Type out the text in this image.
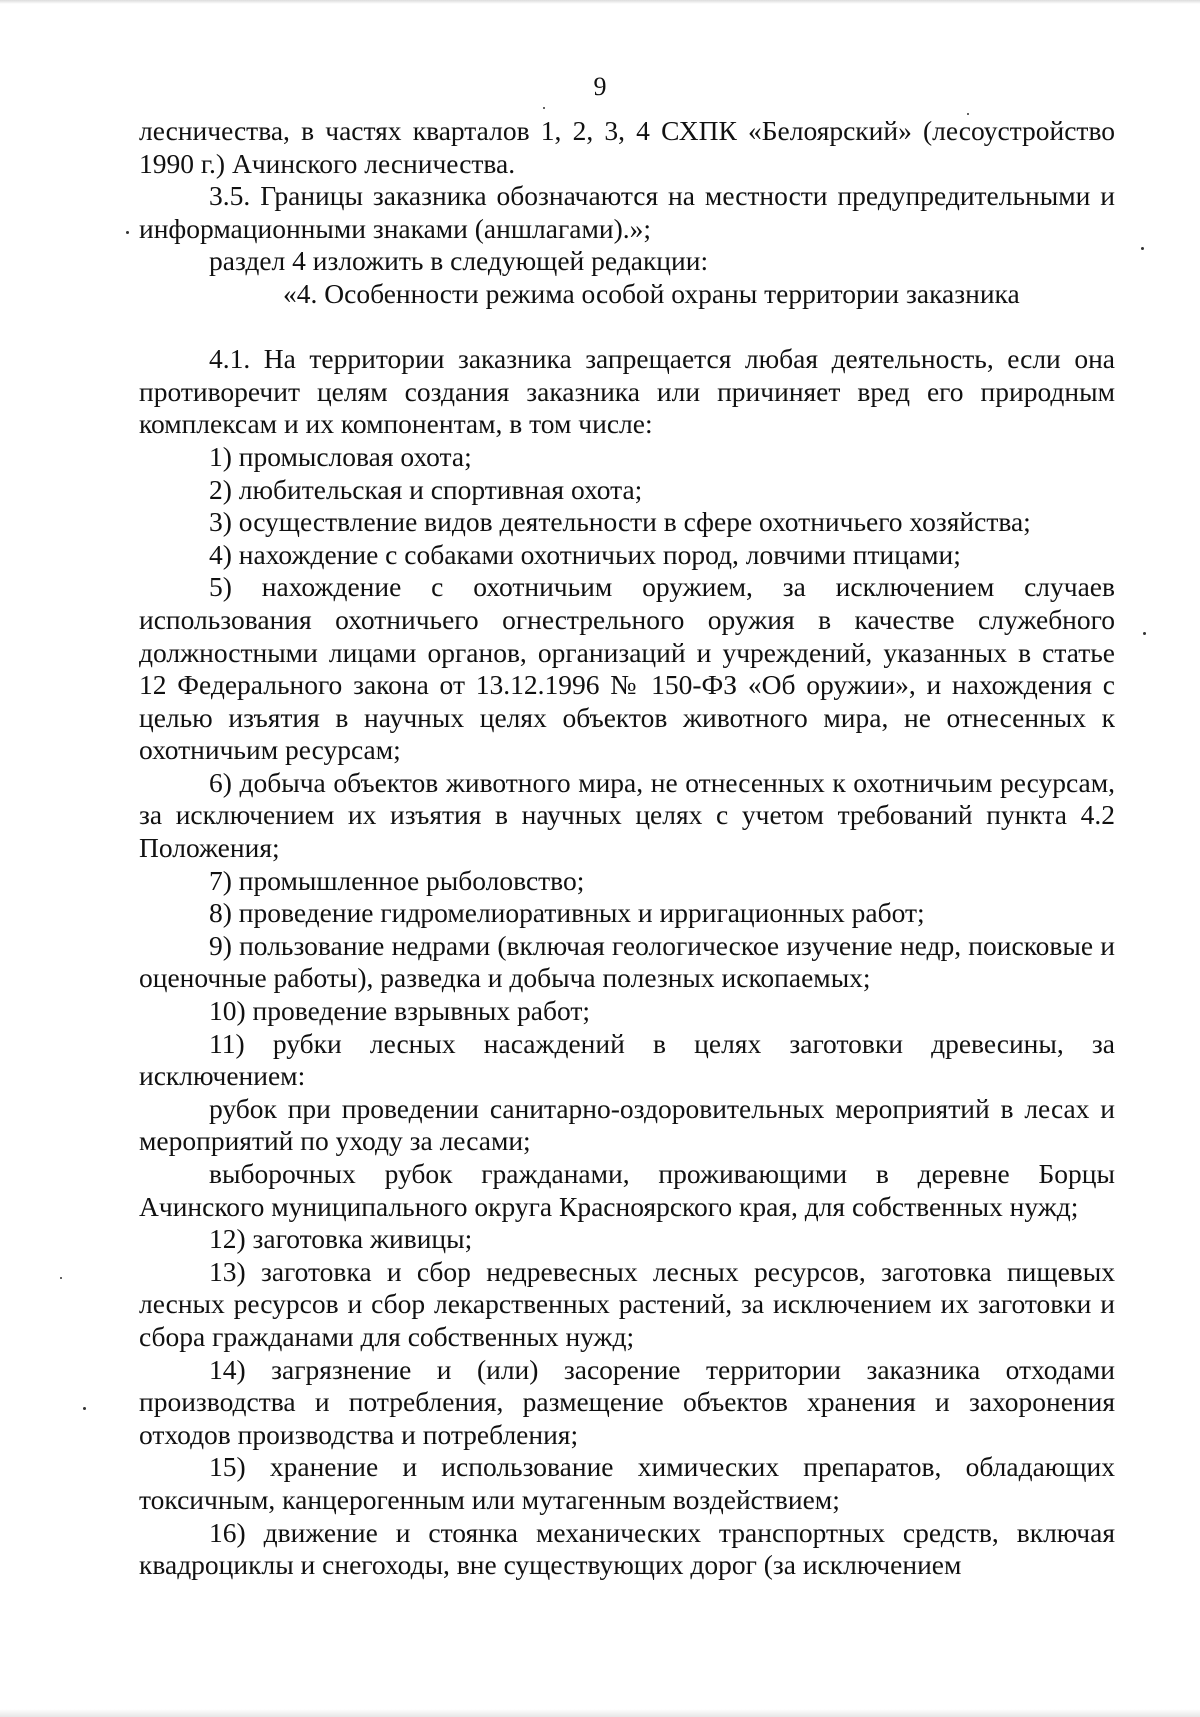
9

лесничества, в частях кварталов 1, 2, 3, 4 СХПК «Белоярский» (лесоустройство 1990 г.) Ачинского лесничества.

3.5. Границы заказника обозначаются на местности предупредительными и информационными знаками (аншлагами).»;

раздел 4 изложить в следующей редакции:

«4. Особенности режима особой охраны территории заказника

4.1. На территории заказника запрещается любая деятельность, если она противоречит целям создания заказника или причиняет вред его природным комплексам и их компонентам, в том числе:

1) промысловая охота;

2) любительская и спортивная охота;

3) осуществление видов деятельности в сфере охотничьего хозяйства;

4) нахождение с собаками охотничьих пород, ловчими птицами;

5) нахождение с охотничьим оружием, за исключением случаев использования охотничьего огнестрельного оружия в качестве служебного должностными лицами органов, организаций и учреждений, указанных в статье 12 Федерального закона от 13.12.1996 № 150-ФЗ «Об оружии», и нахождения с целью изъятия в научных целях объектов животного мира, не отнесенных к охотничьим ресурсам;

6) добыча объектов животного мира, не отнесенных к охотничьим ресурсам, за исключением их изъятия в научных целях с учетом требований пункта 4.2 Положения;

7) промышленное рыболовство;

8) проведение гидромелиоративных и ирригационных работ;

9) пользование недрами (включая геологическое изучение недр, поисковые и оценочные работы), разведка и добыча полезных ископаемых;

10) проведение взрывных работ;

11) рубки лесных насаждений в целях заготовки древесины, за исключением:

рубок при проведении санитарно-оздоровительных мероприятий в лесах и мероприятий по уходу за лесами;

выборочных рубок гражданами, проживающими в деревне Борцы Ачинского муниципального округа Красноярского края, для собственных нужд;

12) заготовка живицы;

13) заготовка и сбор недревесных лесных ресурсов, заготовка пищевых лесных ресурсов и сбор лекарственных растений, за исключением их заготовки и сбора гражданами для собственных нужд;

14) загрязнение и (или) засорение территории заказника отходами производства и потребления, размещение объектов хранения и захоронения отходов производства и потребления;

15) хранение и использование химических препаратов, обладающих токсичным, канцерогенным или мутагенным воздействием;

16) движение и стоянка механических транспортных средств, включая квадроциклы и снегоходы, вне существующих дорог (за исключением
